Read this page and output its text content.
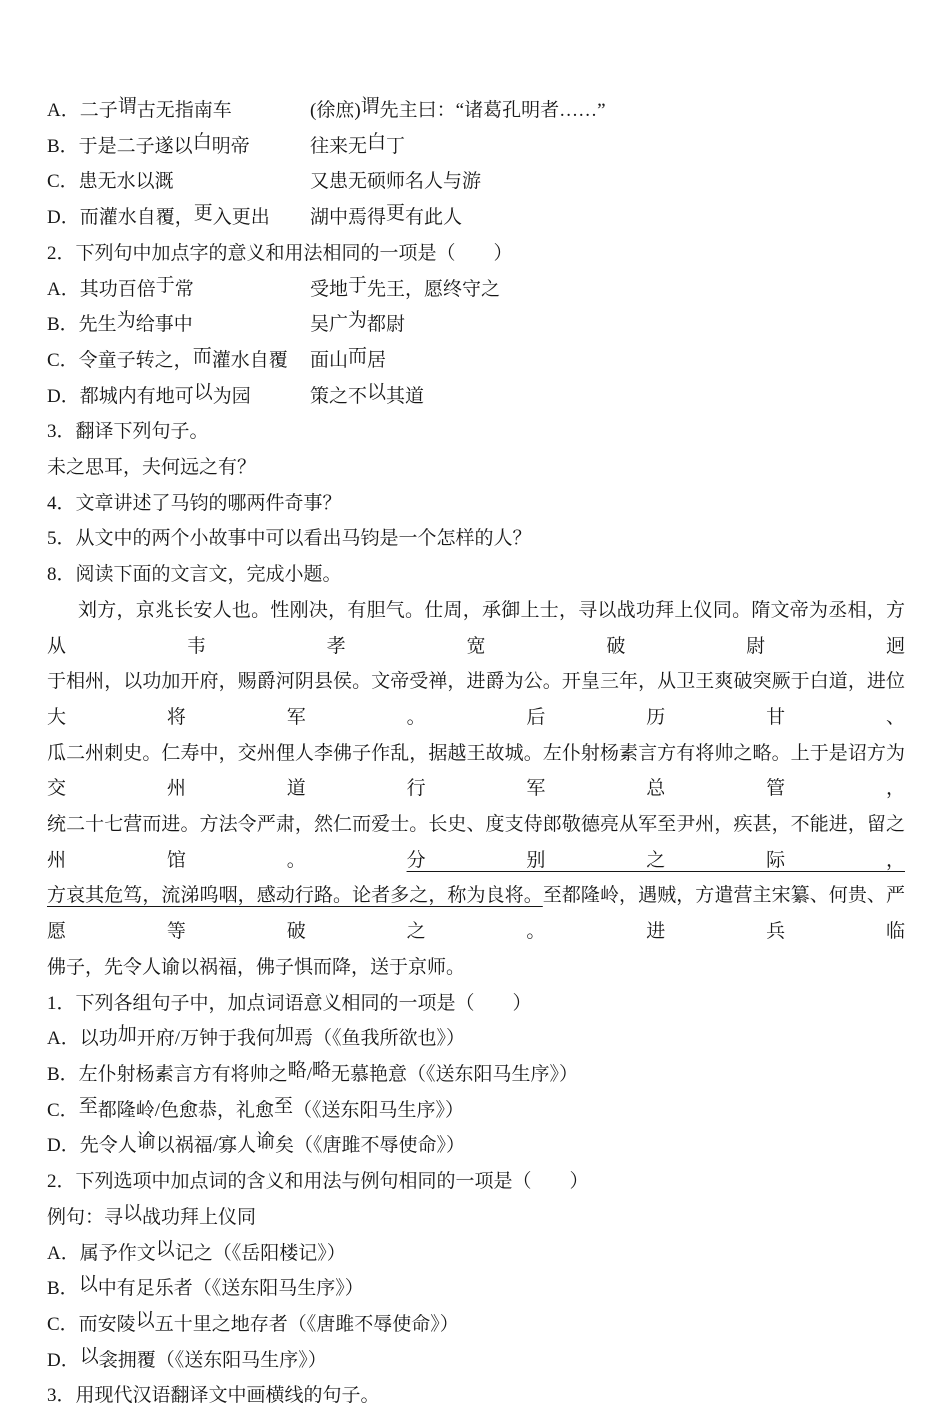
A．二子谓古无指南车	(徐庶)谓先主曰：“诸葛孔明者……”
B．于是二子遂以白明帝	往来无白丁
C．患无水以溉	又患无硕师名人与游
D．而灌水自覆，更入更出	湖中焉得更有此人
2．下列句中加点字的意义和用法相同的一项是（　　）
A．其功百倍于常	受地于先王，愿终守之
B．先生为给事中	吴广为都尉
C．令童子转之，而灌水自覆	面山而居
D．都城内有地可以为园	策之不以其道
3．翻译下列句子。
未之思耳，夫何远之有？
4．文章讲述了马钧的哪两件奇事？
5．从文中的两个小故事中可以看出马钧是一个怎样的人？
8．阅读下面的文言文，完成小题。
刘方，京兆长安人也。性刚决，有胆气。仕周，承御上士，寻以战功拜上仪同。隋文帝为丞相，方从韦孝宽破尉迥
于相州，以功加开府，赐爵河阴县侯。文帝受禅，进爵为公。开皇三年，从卫王爽破突厥于白道，进位大将军。后历甘、
瓜二州刺史。仁寿中，交州俚人李佛子作乱，据越王故城。左仆射杨素言方有将帅之略。上于是诏方为交州道行军总管，
统二十七营而进。方法令严肃，然仁而爱士。长史、度支侍郎敬德亮从军至尹州，疾甚，不能进，留之州馆。分别之际，
方哀其危笃，流涕呜咽，感动行路。论者多之，称为良将。至都隆岭，遇贼，方遣营主宋纂、何贵、严愿等破之。进兵临
佛子，先令人谕以祸福，佛子惧而降，送于京师。
1．下列各组句子中，加点词语意义相同的一项是（　　）
A．以功加开府/万钟于我何加焉（《鱼我所欲也》）
B．左仆射杨素言方有将帅之略/略无慕艳意（《送东阳马生序》）
C．至都隆岭/色愈恭，礼愈至（《送东阳马生序》）
D．先令人谕以祸福/寡人谕矣（《唐雎不辱使命》）
2．下列选项中加点词的含义和用法与例句相同的一项是（　　）
例句：寻以战功拜上仪同
A．属予作文以记之（《岳阳楼记》）
B．以中有足乐者（《送东阳马生序》）
C．而安陵以五十里之地存者（《唐雎不辱使命》）
D．以衾拥覆（《送东阳马生序》）
3．用现代汉语翻译文中画横线的句子。
